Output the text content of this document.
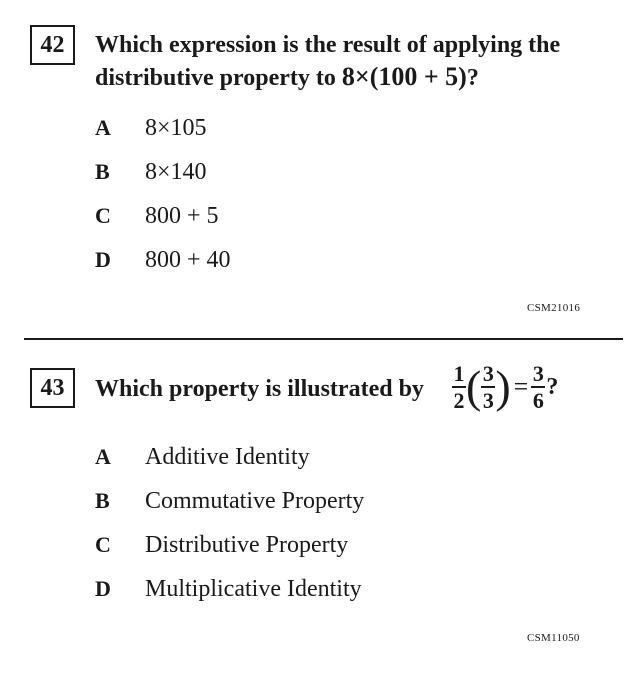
42 Which expression is the result of applying the
distributive property to 8×(100 + 5)?
A	8×105
B	8×140
C	800 + 5
D	800 + 40
CSM21016
43 Which property is illustrated by $\frac{1}{2}$ ( $\frac{3}{3}$ ) = $\frac{3}{6}$ ?
A	Additive Identity
B	Commutative Property
C	Distributive Property
D	Multiplicative Identity
CSM11050
